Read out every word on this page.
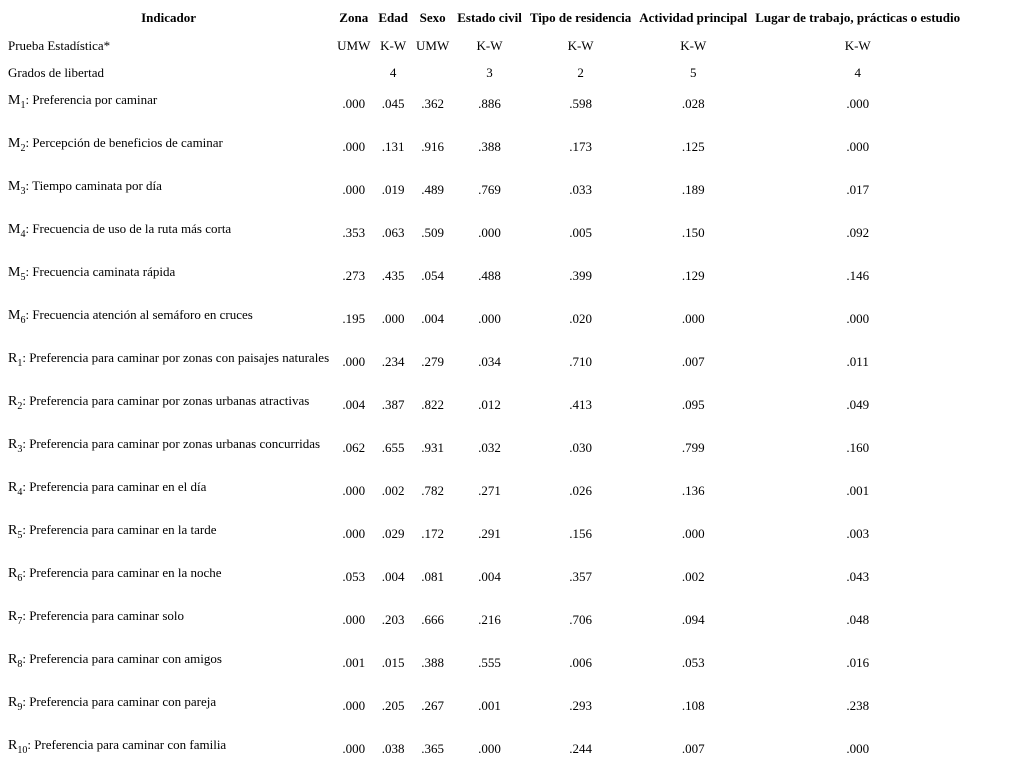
Indicador	Zona	Edad	Sexo	Estado civil	Tipo de residencia	Actividad principal	Lugar de trabajo, prácticas o estudio
Prueba Estadística*	UMW	K-W	UMW	K-W	K-W	K-W	K-W
Grados de libertad		4		3	2	5	4
$M_1$: Preferencia por caminar	.000	.045	.362	.886	.598	.028	.000
$M_2$: Percepción de beneficios de caminar	.000	.131	.916	.388	.173	.125	.000
$M_3$: Tiempo caminata por día	.000	.019	.489	.769	.033	.189	.017
$M_4$: Frecuencia de uso de la ruta más corta	.353	.063	.509	.000	.005	.150	.092
$M_5$: Frecuencia caminata rápida	.273	.435	.054	.488	.399	.129	.146
$M_6$: Frecuencia atención al semáforo en cruces	.195	.000	.004	.000	.020	.000	.000
$R_1$: Preferencia para caminar por zonas con paisajes naturales	.000	.234	.279	.034	.710	.007	.011
$R_2$: Preferencia para caminar por zonas urbanas atractivas	.004	.387	.822	.012	.413	.095	.049
$R_3$: Preferencia para caminar por zonas urbanas concurridas	.062	.655	.931	.032	.030	.799	.160
$R_4$: Preferencia para caminar en el día	.000	.002	.782	.271	.026	.136	.001
$R_5$: Preferencia para caminar en la tarde	.000	.029	.172	.291	.156	.000	.003
$R_6$: Preferencia para caminar en la noche	.053	.004	.081	.004	.357	.002	.043
$R_7$: Preferencia para caminar solo	.000	.203	.666	.216	.706	.094	.048
$R_8$: Preferencia para caminar con amigos	.001	.015	.388	.555	.006	.053	.016
$R_9$: Preferencia para caminar con pareja	.000	.205	.267	.001	.293	.108	.238
$R_{10}$: Preferencia para caminar con familia	.000	.038	.365	.000	.244	.007	.000
